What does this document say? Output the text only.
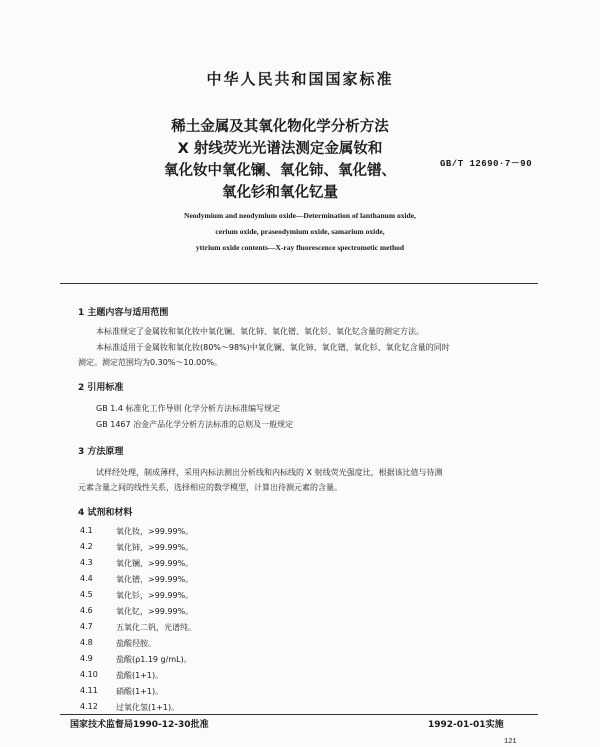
中华人民共和国国家标准
稀土金属及其氧化物化学分析方法
X 射线荧光光谱法测定金属钕和
氧化钕中氧化镧、氧化铈、氧化镨、
氧化钐和氧化钇量
GB/T 12690·7－90
Neodymium and neodymium oxide—Determination of lanthanum oxide,
cerium oxide, praseodymium oxide, samarium oxide,
yttrium oxide contents—X-ray fluorescence spectrometic method
1 主题内容与适用范围
本标准规定了金属钕和氧化钕中氧化镧、氧化铈、氧化镨、氧化钐、氧化钇含量的测定方法。
本标准适用于金属钕和氧化钕(80%～98%)中氧化镧、氧化铈、氧化镨、氧化钐、氧化钇含量的同时
测定。测定范围均为0.30%～10.00%。
2 引用标准
GB 1.4 标准化工作导则 化学分析方法标准编写规定
GB 1467 冶金产品化学分析方法标准的总则及一般规定
3 方法原理
试样经处理，制成薄样，采用内标法测出分析线和内标线的 X 射线荧光强度比，根据该比值与待测
元素含量之间的线性关系，选择相应的数学模型，计算出待测元素的含量。
4 试剂和材料
4.1	氧化钕，>99.99%。
4.2	氧化铈，>99.99%。
4.3	氧化镧，>99.99%。
4.4	氧化镨，>99.99%。
4.5	氧化钐，>99.99%。
4.6	氧化钇，>99.99%。
4.7	五氧化二钒，光谱纯。
4.8	盐酸羟胺。
4.9	盐酸(ρ1.19 g/mL)。
4.10 盐酸(1+1)。
4.11 硝酸(1+1)。
4.12 过氧化氢(1+1)。
国家技术监督局1990-12-30批准	1992-01-01实施
121
